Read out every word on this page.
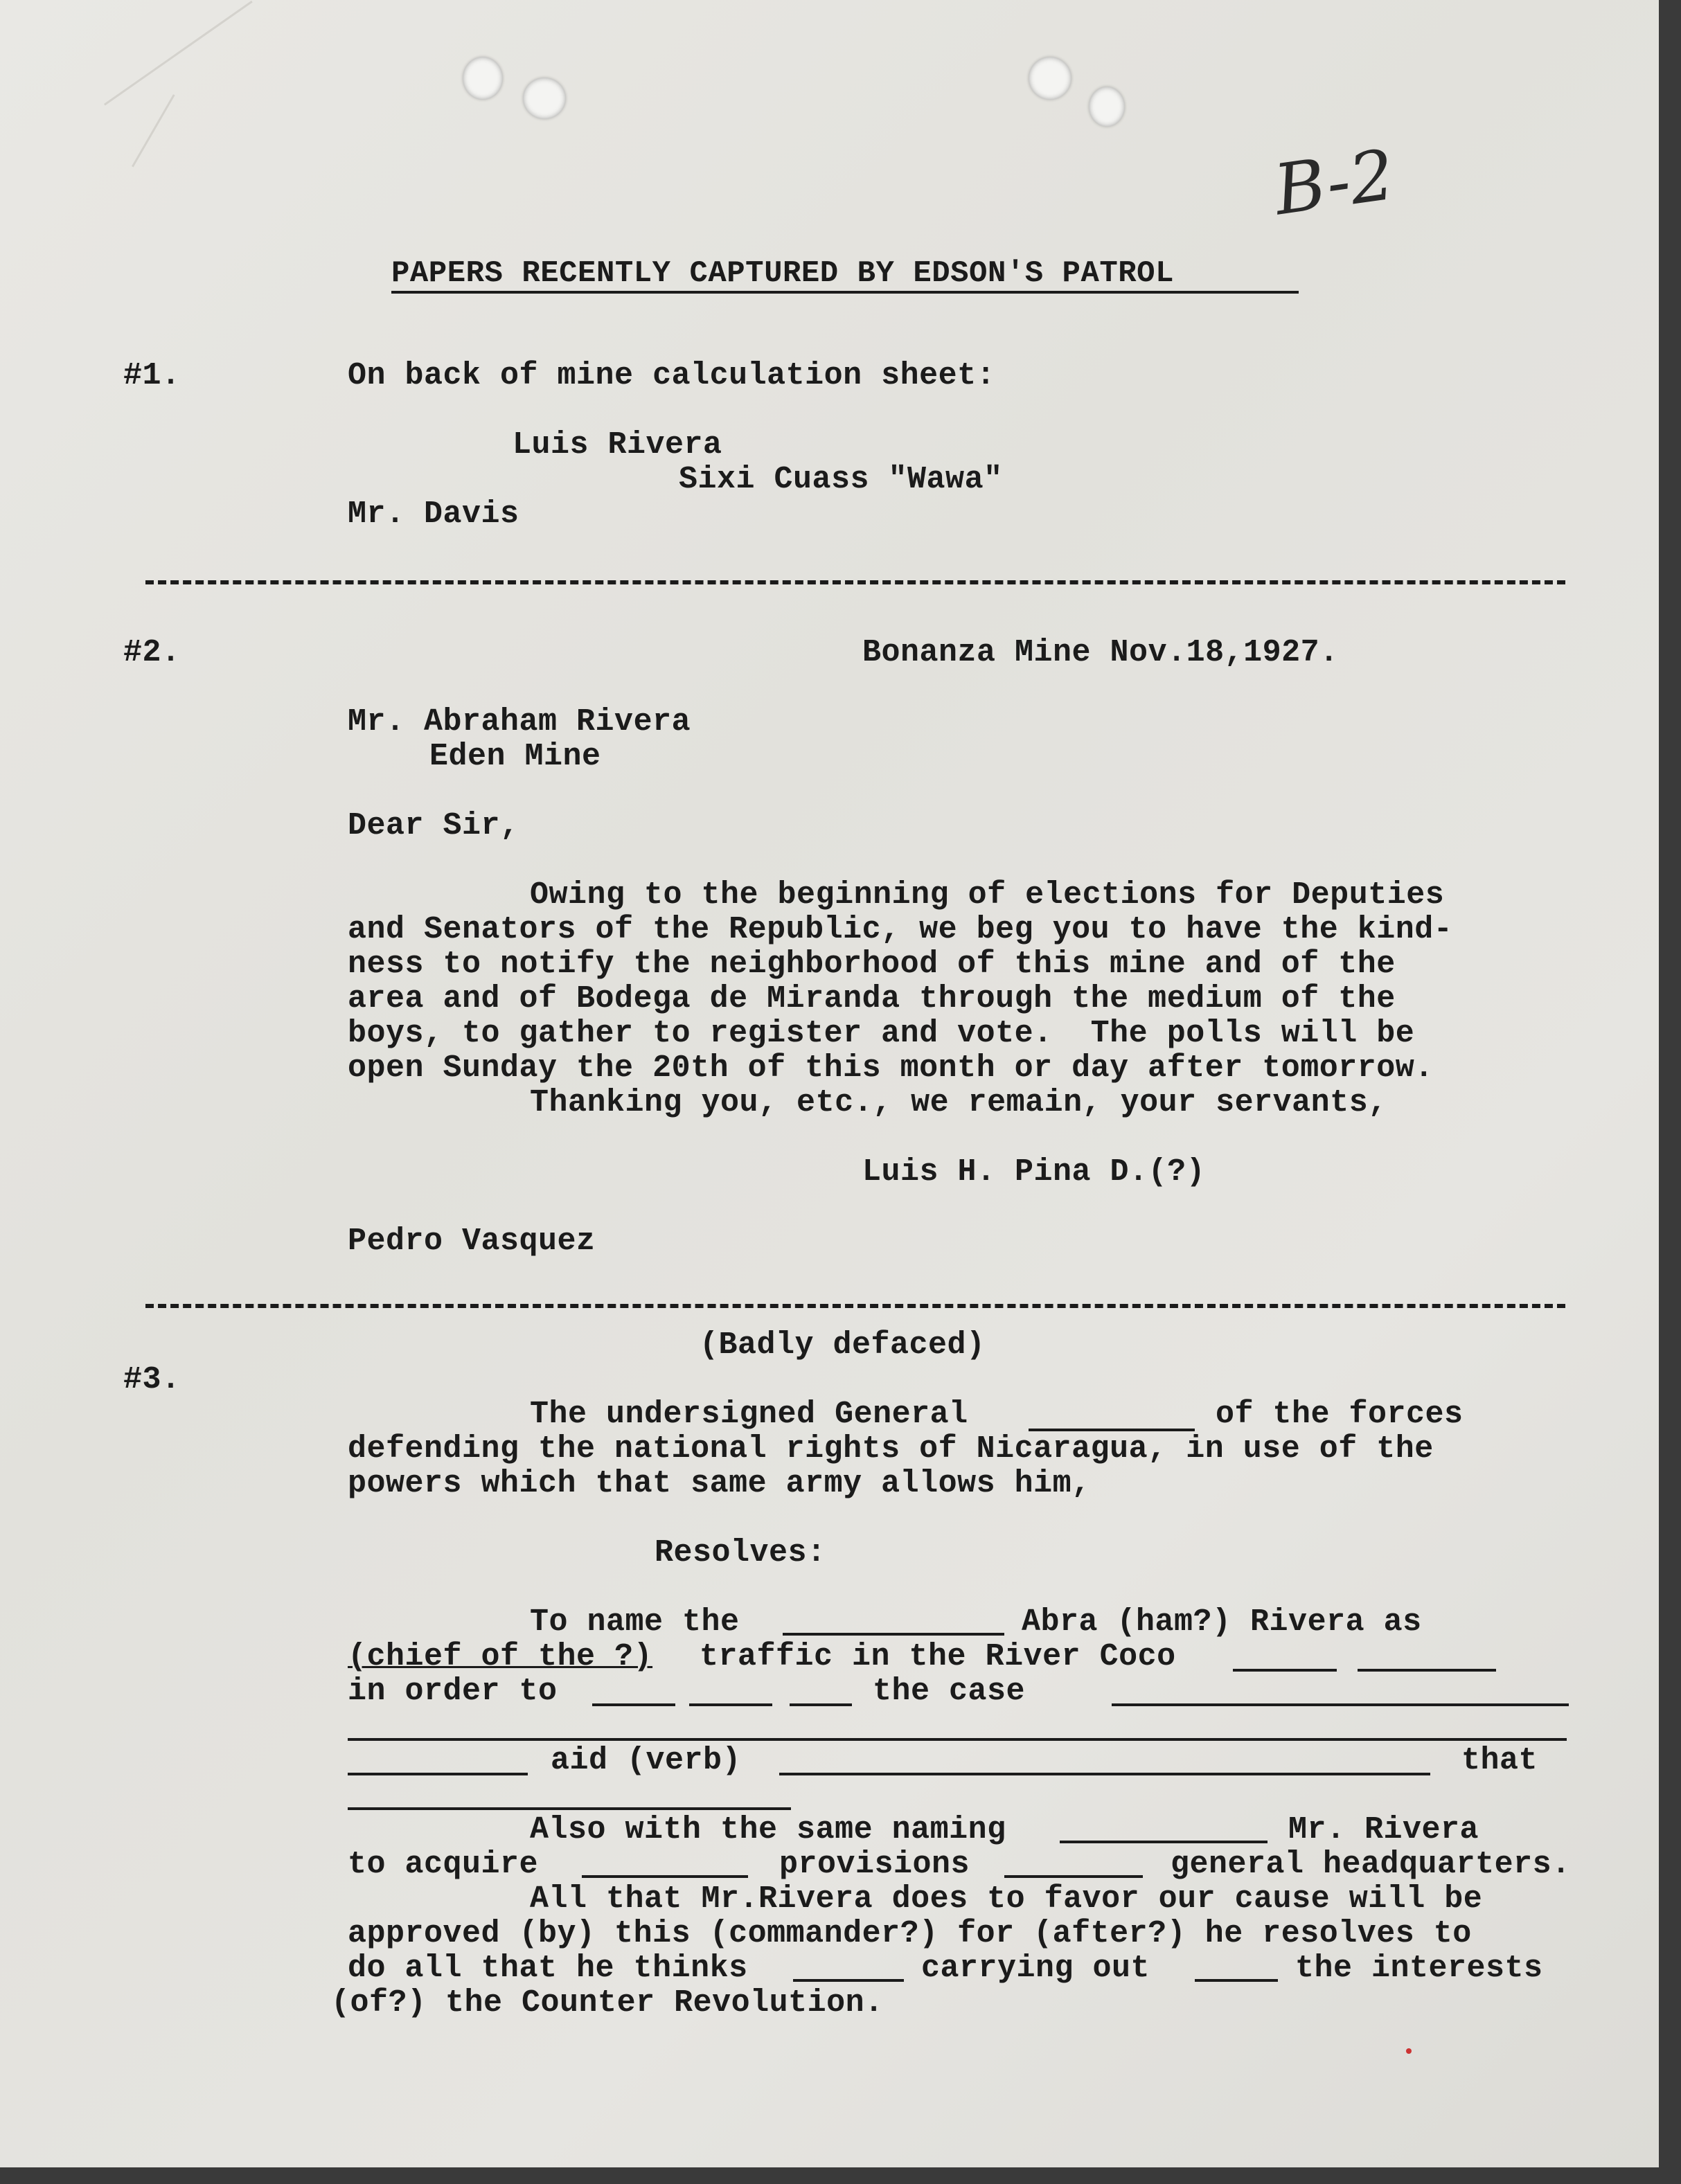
B-2
PAPERS RECENTLY CAPTURED BY EDSON'S PATROL
#1.	On back of mine calculation sheet:
Luis Rivera
Sixi Cuass "Wawa"
Mr. Davis
#2.	Bonanza Mine Nov.18,1927.
Mr. Abraham Rivera
Eden Mine
Dear Sir,
Owing to the beginning of elections for Deputies
and Senators of the Republic, we beg you to have the kind-
ness to notify the neighborhood of this mine and of the
area and of Bodega de Miranda through the medium of the
boys, to gather to register and vote.  The polls will be
open Sunday the 20th of this month or day after tomorrow.
Thanking you, etc., we remain, your servants,
Luis H. Pina D.(?)
Pedro Vasquez
(Badly defaced)
#3.
The undersigned General	of the forces
defending the national rights of Nicaragua, in use of the
powers which that same army allows him,
Resolves:
To name the	Abra (ham?) Rivera as
(chief of the ?) traffic in the River Coco
in order to	the case
aid (verb)	that
Also with the same naming	Mr. Rivera
to acquire	provisions	general headquarters.
All that Mr.Rivera does to favor our cause will be
approved (by) this (commander?) for (after?) he resolves to
do all that he thinks	carrying out	the interests
(of?) the Counter Revolution.
